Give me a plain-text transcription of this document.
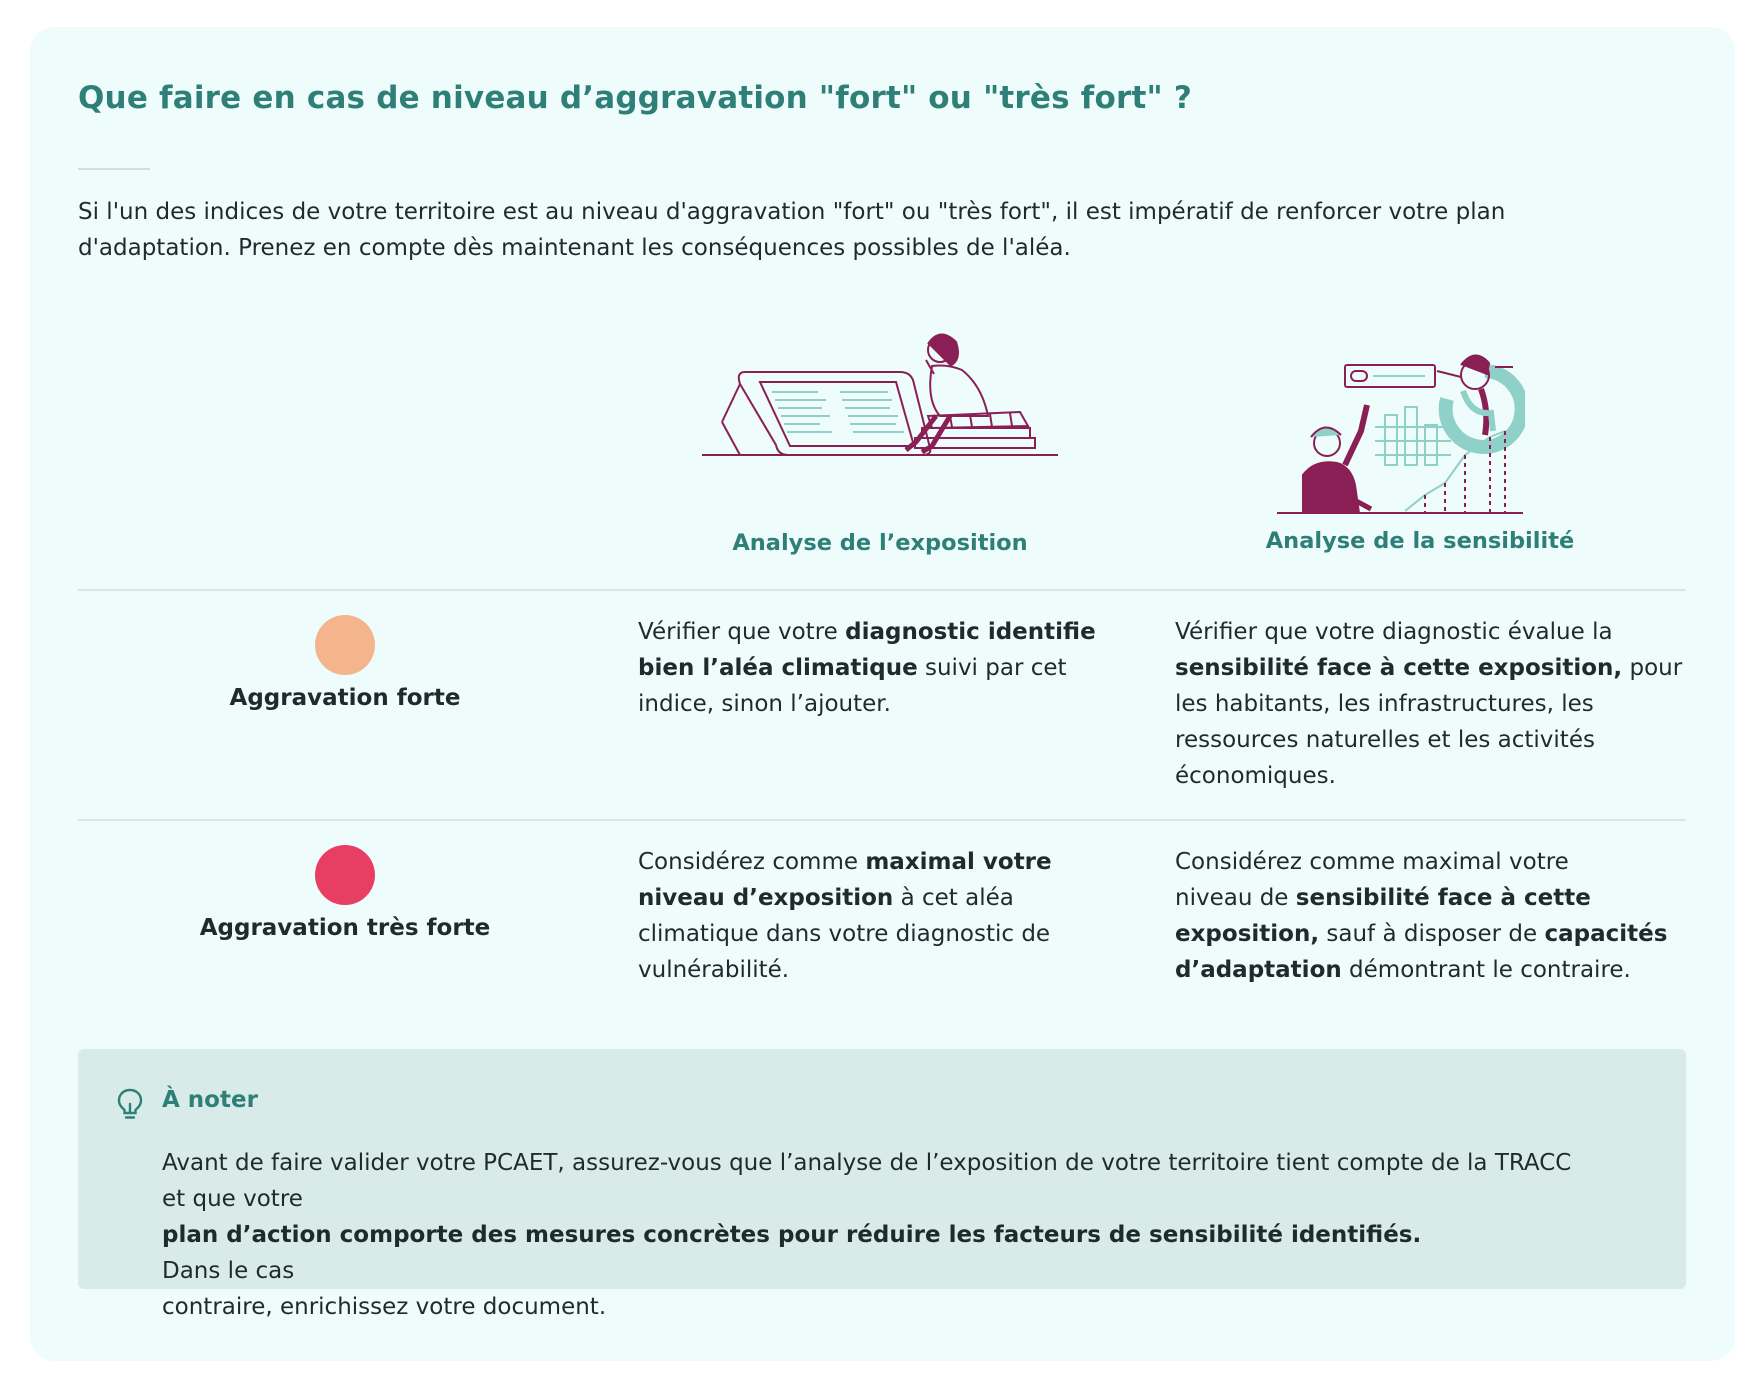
Que faire en cas de niveau d’aggravation "fort" ou "très fort" ?

Si l'un des indices de votre territoire est au niveau d'aggravation "fort" ou "très fort", il est impératif de renforcer votre plan
d'adaptation. Prenez en compte dès maintenant les conséquences possibles de l'aléa.

Analyse de l’exposition	Analyse de la sensibilité
Aggravation forte
Vérifier que votre diagnostic identifie
bien l’aléa climatique suivi par cet
indice, sinon l’ajouter.
Vérifier que votre diagnostic évalue la
sensibilité face à cette exposition, pour
les habitants, les infrastructures, les
ressources naturelles et les activités
économiques.
Aggravation très forte
Considérez comme maximal votre
niveau d’exposition à cet aléa
climatique dans votre diagnostic de
vulnérabilité.
Considérez comme maximal votre
niveau de sensibilité face à cette
exposition, sauf à disposer de capacités
d’adaptation démontrant le contraire.
À noter

Avant de faire valider votre PCAET, assurez-vous que l’analyse de l’exposition de votre territoire tient compte de la TRACC
et que votre
plan d’action comporte des mesures concrètes pour réduire les facteurs de sensibilité identifiés.
Dans le cas
contraire, enrichissez votre document.
